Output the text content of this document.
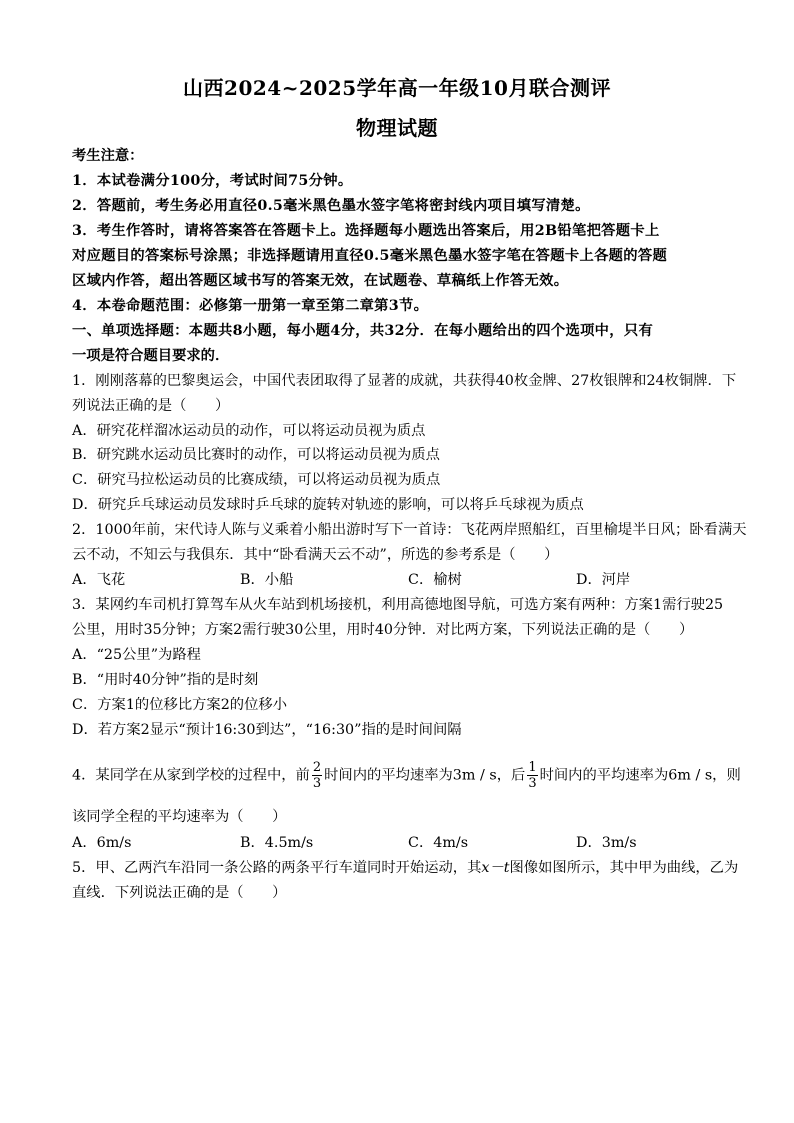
山西2024~2025学年高一年级10月联合测评
物理试题
考生注意：
1．本试卷满分100分，考试时间75分钟。
2．答题前，考生务必用直径0.5毫米黑色墨水签字笔将密封线内项目填写清楚。
3．考生作答时，请将答案答在答题卡上。选择题每小题选出答案后，用2B铅笔把答题卡上
对应题目的答案标号涂黑；非选择题请用直径0.5毫米黑色墨水签字笔在答题卡上各题的答题
区域内作答，超出答题区域书写的答案无效，在试题卷、草稿纸上作答无效。
4．本卷命题范围：必修第一册第一章至第二章第3节。
一、单项选择题：本题共8小题，每小题4分，共32分．在每小题给出的四个选项中，只有
一项是符合题目要求的．
1．刚刚落幕的巴黎奥运会，中国代表团取得了显著的成就，共获得40枚金牌、27枚银牌和24枚铜牌．下
列说法正确的是（　　）
A．研究花样溜冰运动员的动作，可以将运动员视为质点
B．研究跳水运动员比赛时的动作，可以将运动员视为质点
C．研究马拉松运动员的比赛成绩，可以将运动员视为质点
D．研究乒乓球运动员发球时乒乓球的旋转对轨迹的影响，可以将乒乓球视为质点
2．1000年前，宋代诗人陈与义乘着小船出游时写下一首诗：飞花两岸照船红，百里榆堤半日风；卧看满天
云不动，不知云与我俱东．其中“卧看满天云不动”，所选的参考系是（　　）
A．飞花	B．小船	C．榆树	D．河岸
3．某网约车司机打算驾车从火车站到机场接机，利用高德地图导航，可选方案有两种：方案1需行驶25
公里，用时35分钟；方案2需行驶30公里，用时40分钟．对比两方案，下列说法正确的是（　　）
A．“25公里”为路程
B．“用时40分钟”指的是时刻
C．方案1的位移比方案2的位移小
D．若方案2显示“预计16:30到达”，“16:30”指的是时间间隔
4．某同学在从家到学校的过程中，前 $\frac{2}{3}$ 时间内的平均速率为3m / s，后 $\frac{1}{3}$ 时间内的平均速率为6m / s，则
该同学全程的平均速率为（　　）
A．6m/s	B．4.5m/s	C．4m/s	D．3m/s
5．甲、乙两汽车沿同一条公路的两条平行车道同时开始运动，其x－t图像如图所示，其中甲为曲线，乙为
直线．下列说法正确的是（　　）
